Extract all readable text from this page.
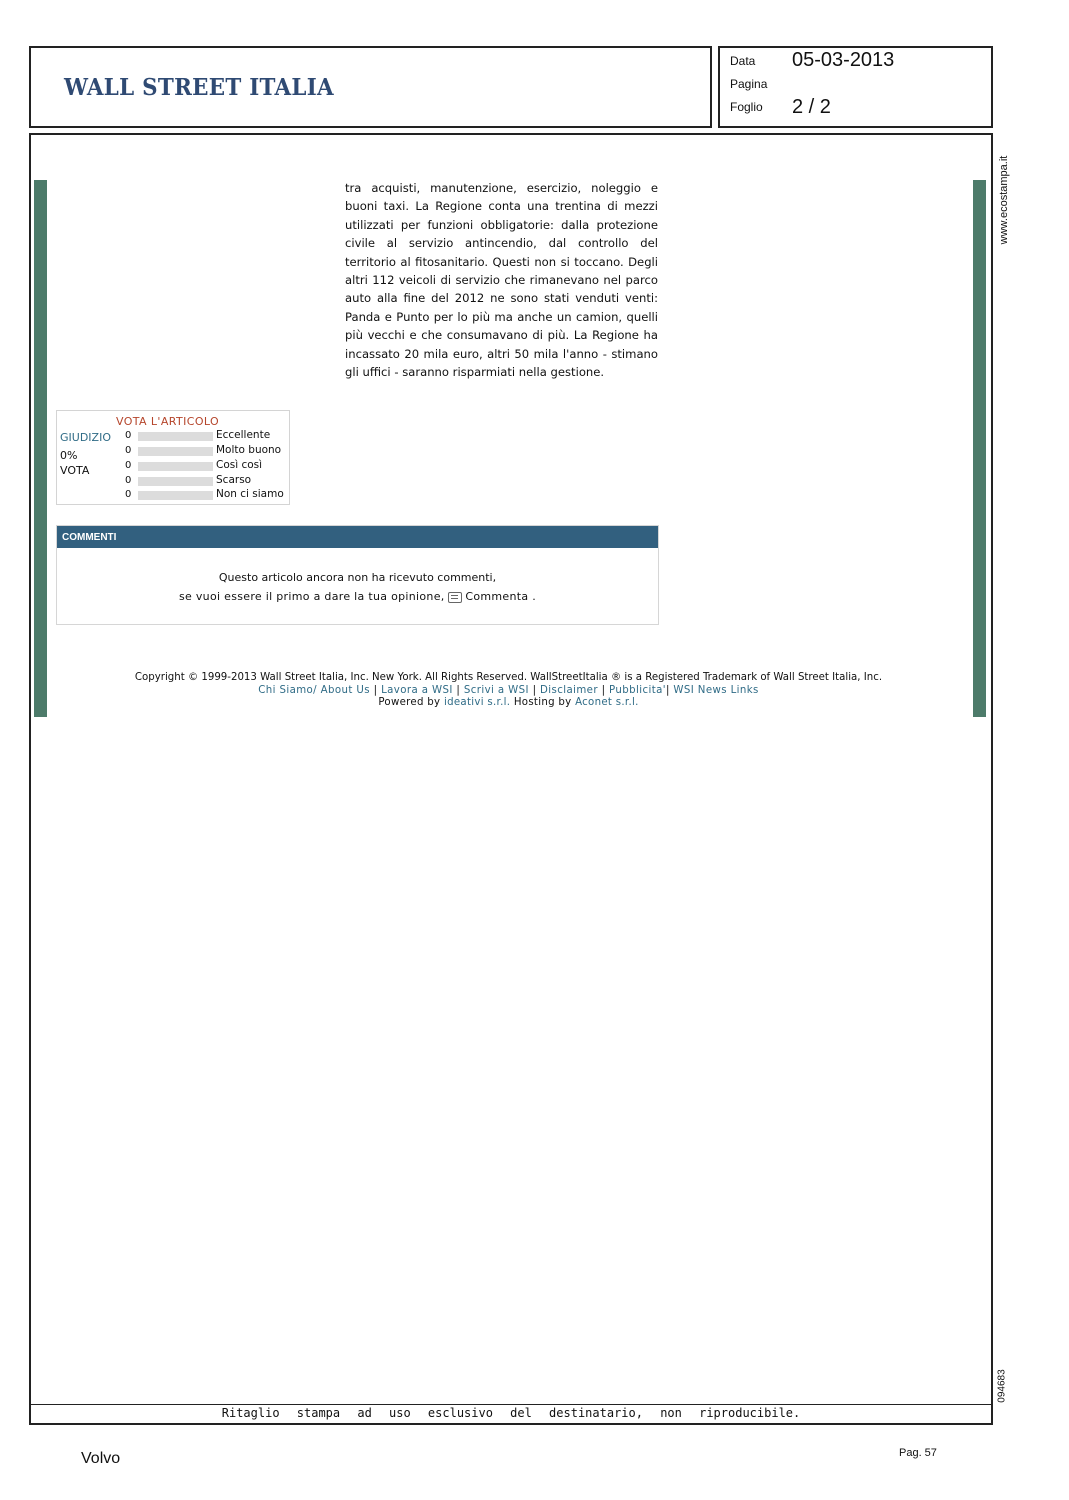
WALL STREET ITALIA
Data 05-03-2013
Pagina
Foglio 2 / 2
www.ecostampa.it
094683
tra acquisti, manutenzione, esercizio, noleggio e buoni taxi. La Regione conta una trentina di mezzi utilizzati per funzioni obbligatorie: dalla protezione civile al servizio antincendio, dal controllo del territorio al fitosanitario. Questi non si toccano. Degli altri 112 veicoli di servizio che rimanevano nel parco auto alla fine del 2012 ne sono stati venduti venti: Panda e Punto per lo più ma anche un camion, quelli più vecchi e che consumavano di più. La Regione ha incassato 20 mila euro, altri 50 mila l'anno - stimano gli uffici - saranno risparmiati nella gestione.
VOTA L'ARTICOLO
GIUDIZIO
0%
VOTA
0	Eccellente
0	Molto buono
0	Così così
0	Scarso
0	Non ci siamo
COMMENTI
Questo articolo ancora non ha ricevuto commenti,
se vuoi essere il primo a dare la tua opinione, Commenta .
Copyright © 1999-2013 Wall Street Italia, Inc. New York. All Rights Reserved. WallStreetItalia ® is a Registered Trademark of Wall Street Italia, Inc.
Chi Siamo/ About Us | Lavora a WSI | Scrivi a WSI | Disclaimer | Pubblicita'| WSI News Links
Powered by ideativi s.r.l. Hosting by Aconet s.r.l.
Ritaglio stampa ad uso esclusivo del destinatario, non riproducibile.
Volvo	Pag. 57
